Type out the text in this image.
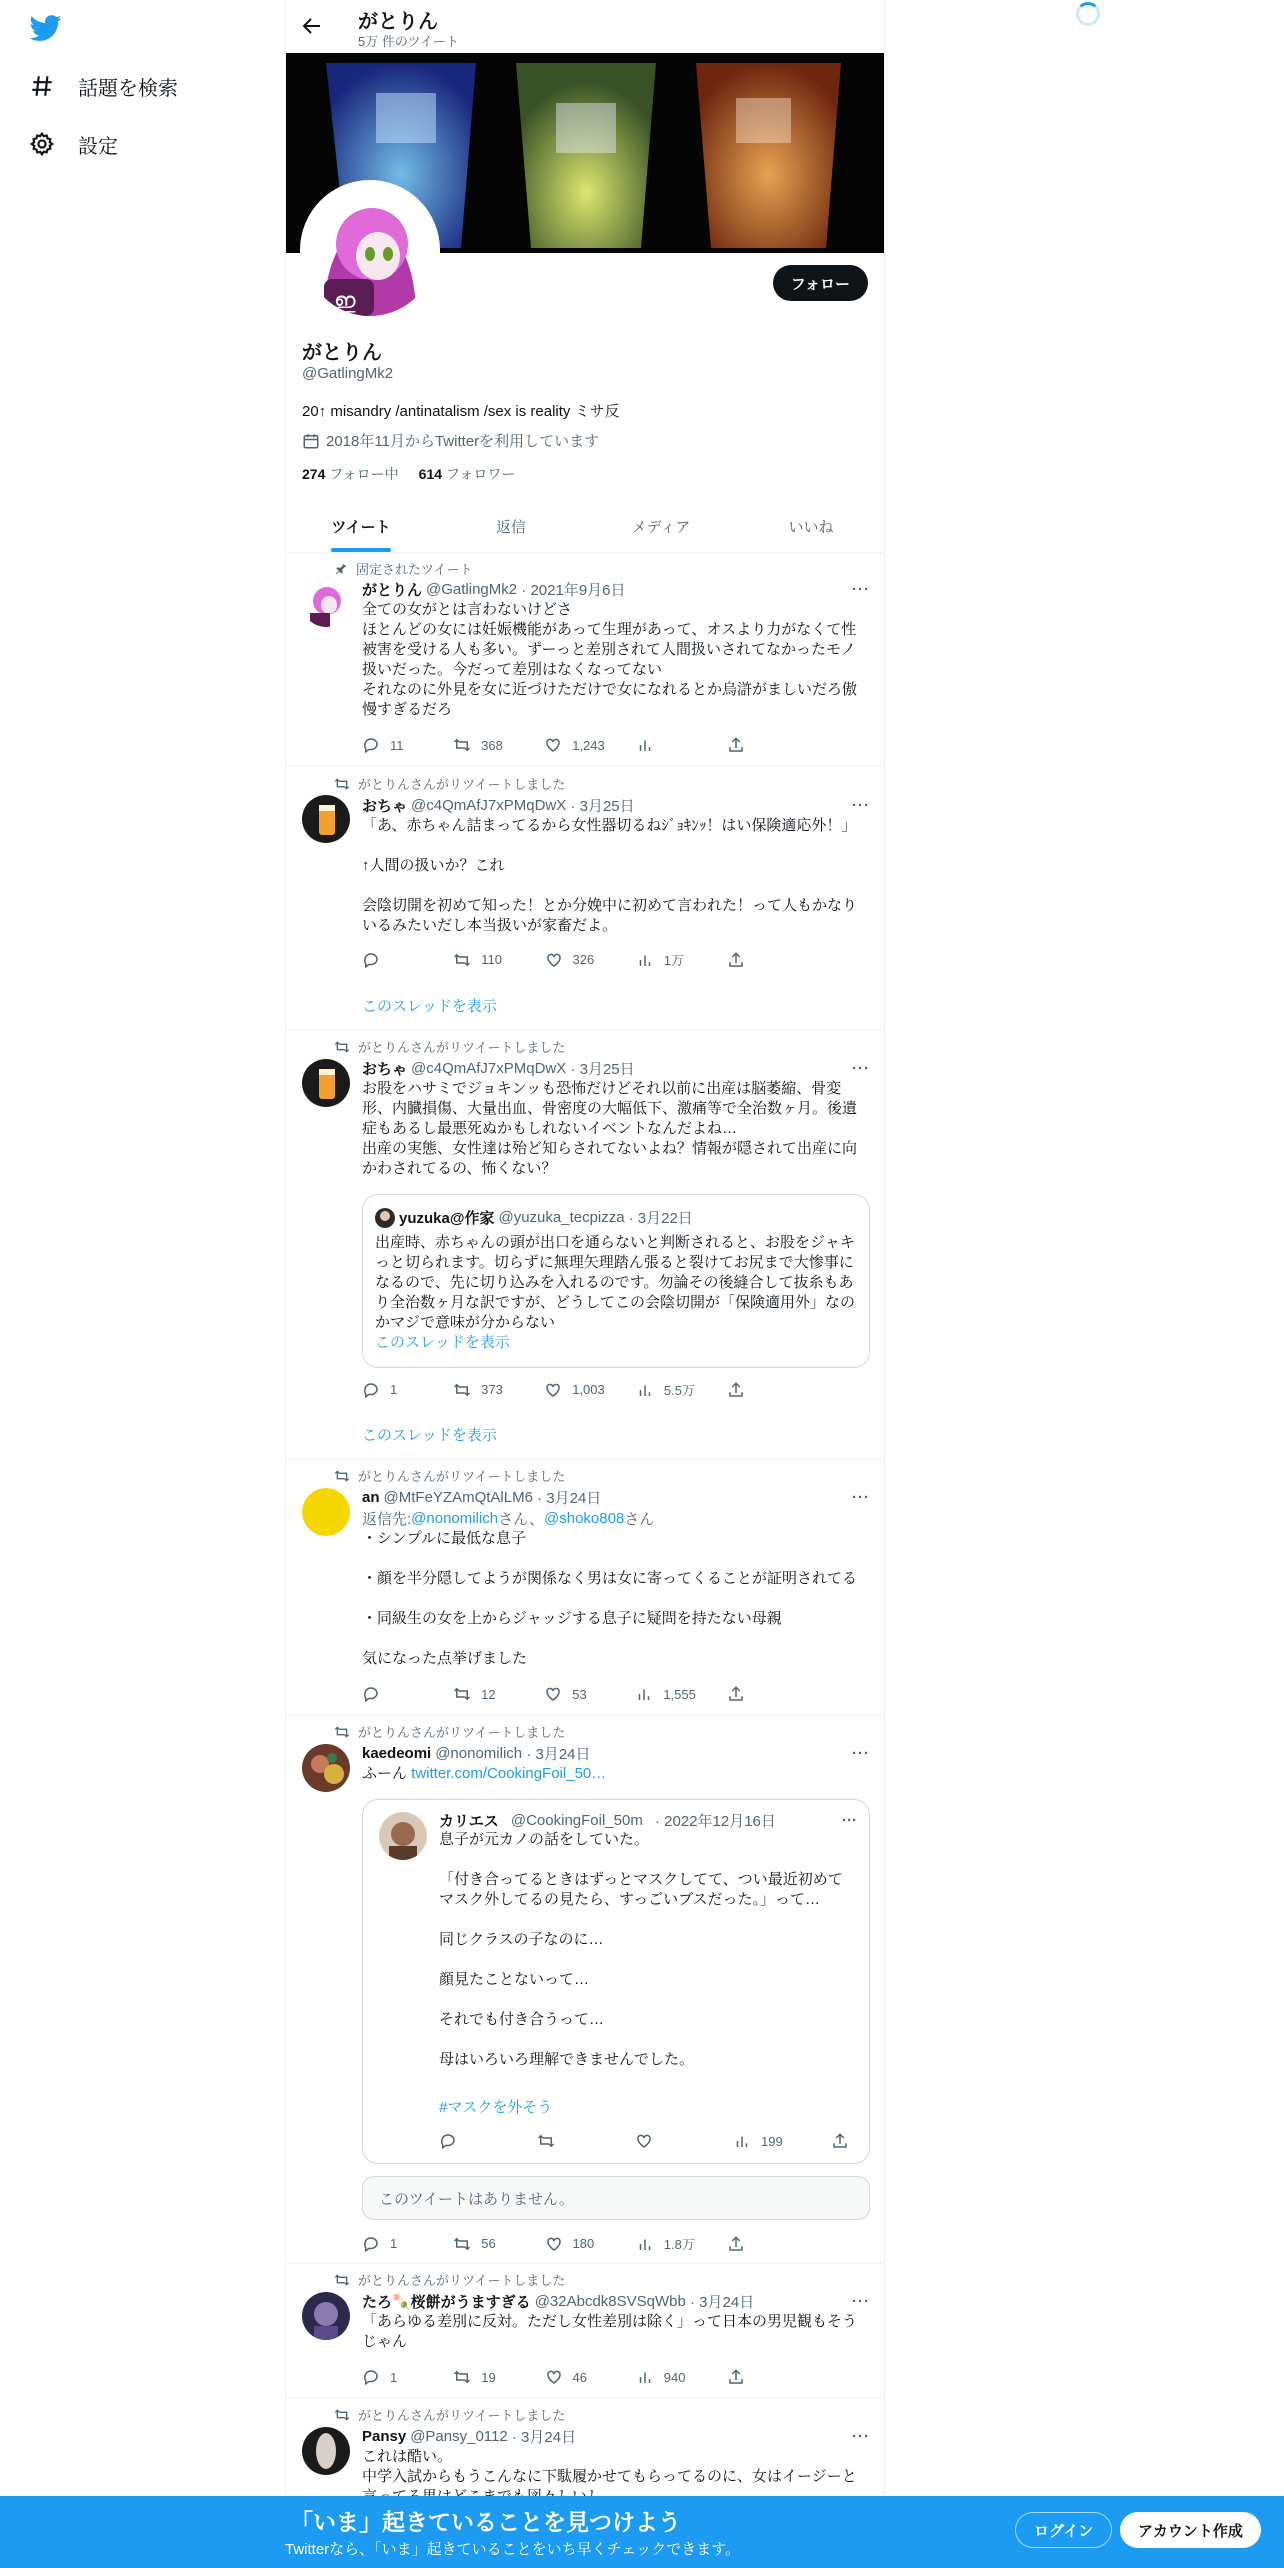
話題を検索
設定
がとりん
5万 件のツイート
ഇ
フォロー
がとりん
@GatlingMk2
20↑ misandry /antinatalism /sex is reality ミサ反
2018年11月からTwitterを利用しています
274 フォロー中 614 フォロワー
ツイート	返信	メディア	いいね
固定されたツイート
がとりん @GatlingMk2
· 2021年9月6日	···
全ての女がとは言わないけどさ
ほとんどの女には妊娠機能があって生理があって、オスより力がなくて性被害を受ける人も多い。ずーっと差別されて人間扱いされてなかったモノ扱いだった。今だって差別はなくなってない
それなのに外見を女に近づけただけで女になれるとか烏滸がましいだろ傲慢すぎるだろ
11	368	1,243
がとりんさんがリツイートしました
おちゃ @c4QmAfJ7xPMqDwX
· 3月25日	···
「あ、赤ちゃん詰まってるから女性器切るねｼﾞｮｷﾝｯ！はい保険適応外！」

↑人間の扱いか？これ

会陰切開を初めて知った！とか分娩中に初めて言われた！って人もかなりいるみたいだし本当扱いが家畜だよ。
110	326	1万
このスレッドを表示
がとりんさんがリツイートしました
おちゃ @c4QmAfJ7xPMqDwX
· 3月25日	···
お股をハサミでジョキンッも恐怖だけどそれ以前に出産は脳萎縮、骨変形、内臓損傷、大量出血、骨密度の大幅低下、激痛等で全治数ヶ月。後遺症もあるし最悪死ぬかもしれないイベントなんだよね…
出産の実態、女性達は殆ど知らされてないよね？情報が隠されて出産に向かわされてるの、怖くない？
yuzuka@作家 @yuzuka_tecpizza · 3月22日
出産時、赤ちゃんの頭が出口を通らないと判断されると、お股をジャキっと切られます。切らずに無理矢理踏ん張ると裂けてお尻まで大惨事になるので、先に切り込みを入れるのです。勿論その後縫合して抜糸もあり全治数ヶ月な訳ですが、どうしてこの会陰切開が「保険適用外」なのかマジで意味が分からない
このスレッドを表示
1	373	1,003	5.5万
このスレッドを表示
がとりんさんがリツイートしました
an @MtFeYZAmQtAlLM6
· 3月24日	···
返信先: @nonomilich さん、 @shoko808 さん
・シンプルに最低な息子

・顔を半分隠してようが関係なく男は女に寄ってくることが証明されてる

・同級生の女を上からジャッジする息子に疑問を持たない母親

気になった点挙げました
12	53	1,555
がとりんさんがリツイートしました
kaedeomi @nonomilich
· 3月24日	···
ふーん twitter.com/CookingFoil_50…
カリエス
@CookingFoil_50m
· 2022年12月16日	···
息子が元カノの話をしていた。

「付き合ってるときはずっとマスクしてて、つい最近初めてマスク外してるの見たら、すっごいブスだった。」って…

同じクラスの子なのに…

顔見たことないって…

それでも付き合うって…

母はいろいろ理解できませんでした。
#マスクを外そう
199
このツイートはありません。
1	56	180	1.8万
がとりんさんがリツイートしました
たろ🍡桜餅がうますぎる @32Abcdk8SVSqWbb
· 3月24日	···
「あらゆる差別に反対。ただし女性差別は除く」って日本の男児観もそうじゃん
1	19	46	940
がとりんさんがリツイートしました
Pansy @Pansy_0112
· 3月24日	···
これは酷い。
中学入試からもうこんなに下駄履かせてもらってるのに、女はイージーと
「いま」起きていることを見つけよう
Twitterなら、「いま」起きていることをいち早くチェックできます。
ログイン	アカウント作成
